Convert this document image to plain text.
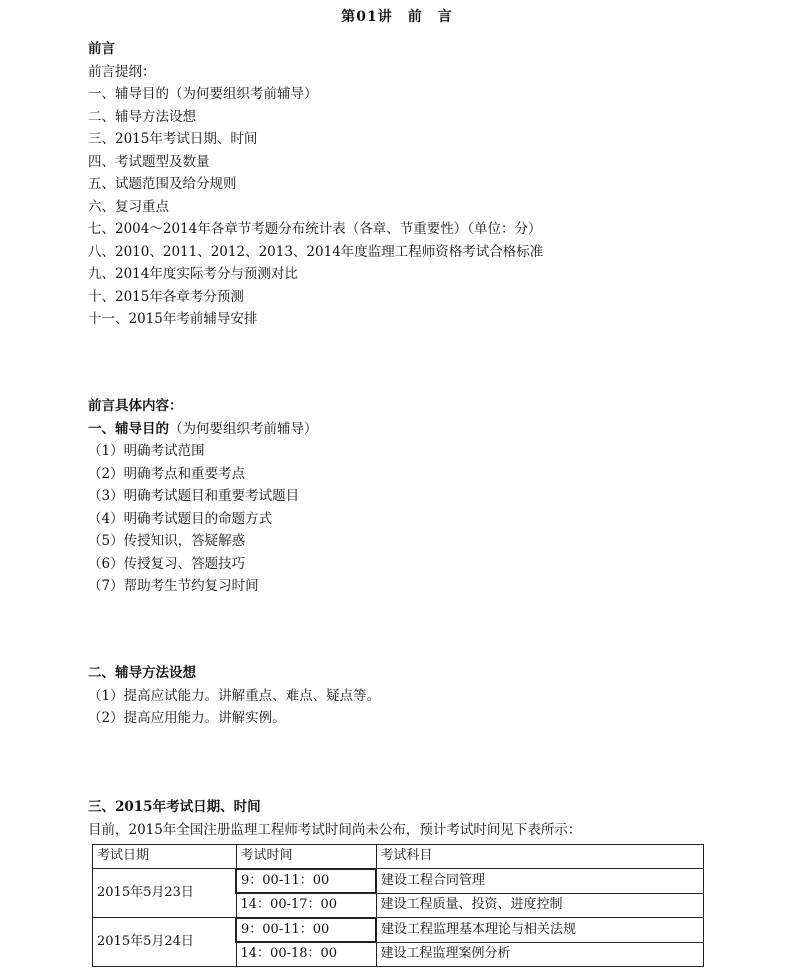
第01讲　前　言
前言
前言提纲：
一、辅导目的（为何要组织考前辅导）
二、辅导方法设想
三、2015年考试日期、时间
四、考试题型及数量
五、试题范围及给分规则
六、复习重点
七、2004～2014年各章节考题分布统计表（各章、节重要性）（单位：分）
八、2010、2011、2012、2013、2014年度监理工程师资格考试合格标准
九、2014年度实际考分与预测对比
十、2015年各章考分预测
十一、2015年考前辅导安排
前言具体内容：
一、辅导目的（为何要组织考前辅导）
（1）明确考试范围
（2）明确考点和重要考点
（3）明确考试题目和重要考试题目
（4）明确考试题目的命题方式
（5）传授知识，答疑解惑
（6）传授复习、答题技巧
（7）帮助考生节约复习时间
二、辅导方法设想
（1）提高应试能力。讲解重点、难点、疑点等。
（2）提高应用能力。讲解实例。
三、2015年考试日期、时间
目前，2015年全国注册监理工程师考试时间尚未公布，预计考试时间见下表所示：
考试日期	考试时间	考试科目
2015年5月23日	9：00-11：00	建设工程合同管理
	14：00-17：00	建设工程质量、投资、进度控制
2015年5月24日	9：00-11：00	建设工程监理基本理论与相关法规
	14：00-18：00	建设工程监理案例分析
